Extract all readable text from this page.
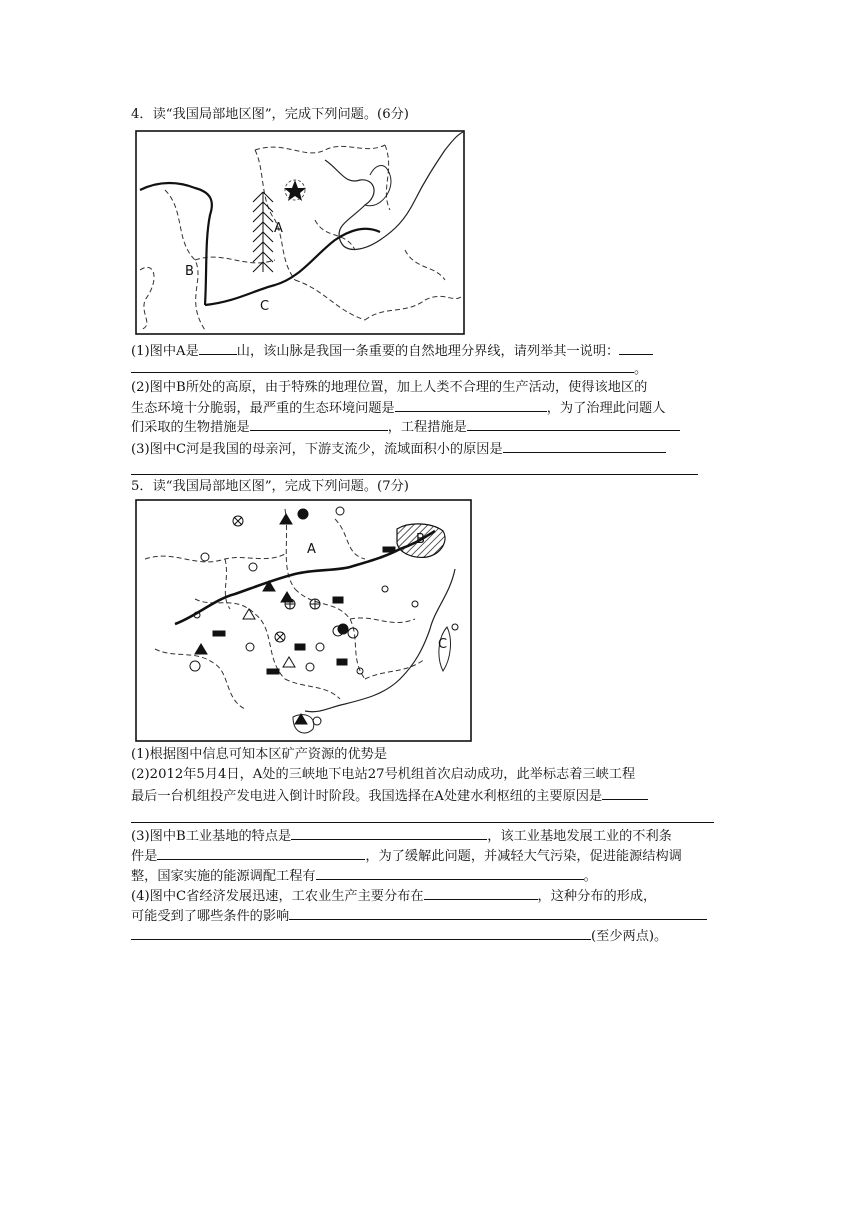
4．读“我国局部地区图”，完成下列问题。(6分)
A
B
C
(1)图中A是	山，该山脉是我国一条重要的自然地理分界线，请列举其一说明：
。
(2)图中B所处的高原，由于特殊的地理位置，加上人类不合理的生产活动，使得该地区的
生态环境十分脆弱，最严重的生态环境问题是	，为了治理此问题人
们采取的生物措施是	，工程措施是
(3)图中C河是我国的母亲河，下游支流少，流域面积小的原因是
5．读“我国局部地区图”，完成下列问题。(7分)
A
B
C
(1)根据图中信息可知本区矿产资源的优势是
(2)2012年5月4日，A处的三峡地下电站27号机组首次启动成功，此举标志着三峡工程
最后一台机组投产发电进入倒计时阶段。我国选择在A处建水利枢纽的主要原因是
(3)图中B工业基地的特点是	，该工业基地发展工业的不利条
件是	，为了缓解此问题，并减轻大气污染，促进能源结构调
整，国家实施的能源调配工程有	。
(4)图中C省经济发展迅速，工农业生产主要分布在	，这种分布的形成，
可能受到了哪些条件的影响
(至少两点)。
